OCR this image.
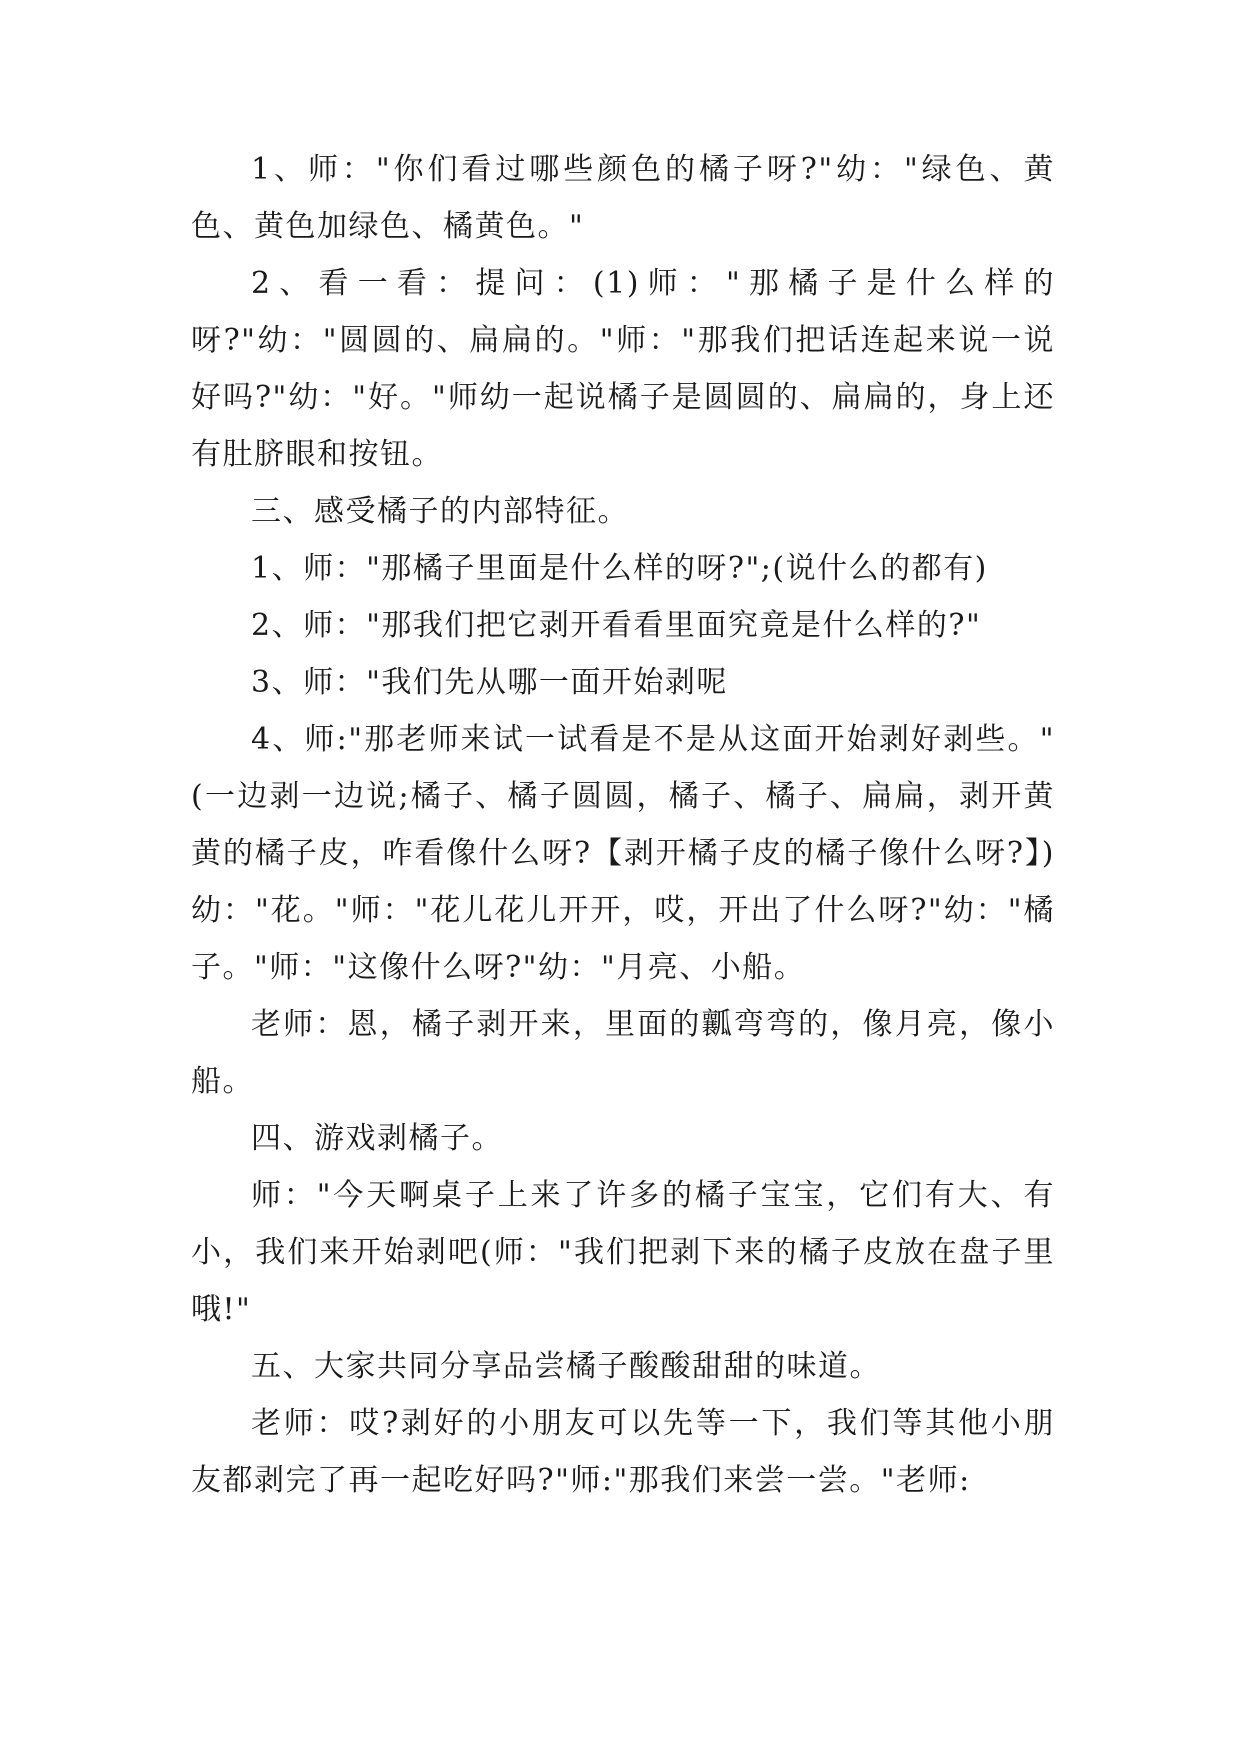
1、师："你们看过哪些颜色的橘子呀?"幼："绿色、黄色、黄色加绿色、橘黄色。"

2、看一看：提问：(1)师："那橘子是什么样的呀?"幼："圆圆的、扁扁的。"师："那我们把话连起来说一说好吗?"幼："好。"师幼一起说橘子是圆圆的、扁扁的，身上还有肚脐眼和按钮。

三、感受橘子的内部特征。

1、师："那橘子里面是什么样的呀?";(说什么的都有)

2、师："那我们把它剥开看看里面究竟是什么样的?"

3、师："我们先从哪一面开始剥呢

4、师:"那老师来试一试看是不是从这面开始剥好剥些。"(一边剥一边说;橘子、橘子圆圆，橘子、橘子、扁扁，剥开黄黄的橘子皮，咋看像什么呀?【剥开橘子皮的橘子像什么呀?】)幼："花。"师："花儿花儿开开，哎，开出了什么呀?"幼："橘子。"师："这像什么呀?"幼："月亮、小船。

老师：恩，橘子剥开来，里面的瓤弯弯的，像月亮，像小船。

四、游戏剥橘子。

师："今天啊桌子上来了许多的橘子宝宝，它们有大、有小，我们来开始剥吧(师："我们把剥下来的橘子皮放在盘子里哦!"

五、大家共同分享品尝橘子酸酸甜甜的味道。

老师：哎?剥好的小朋友可以先等一下，我们等其他小朋友都剥完了再一起吃好吗?"师:"那我们来尝一尝。"老师:
